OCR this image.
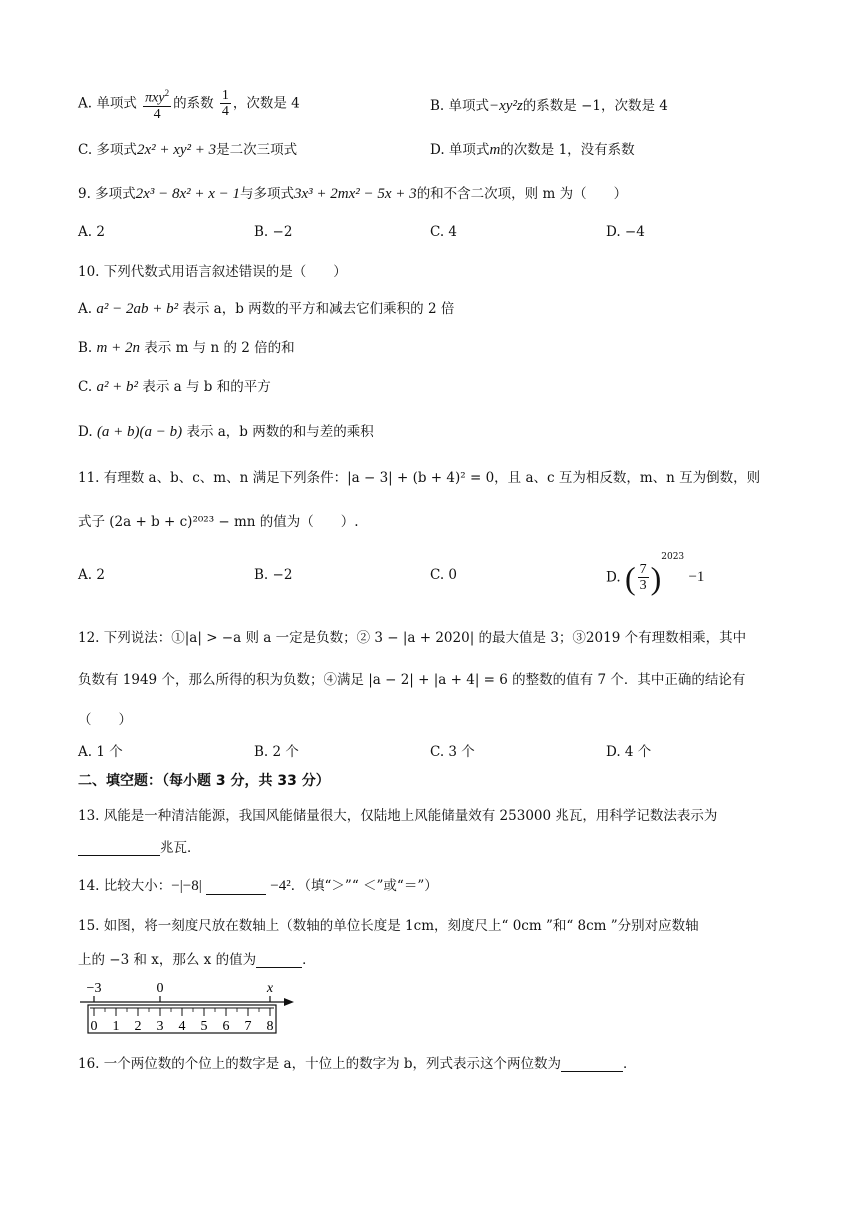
A. 单项式 $\frac{\pi xy^2}{4}$ 的系数 $\frac{1}{4}$ ，次数是 4	B. 单项式−xy²z的系数是 −1，次数是 4
C. 多项式2x² + xy² + 3是二次三项式	D. 单项式m的次数是 1，没有系数
9. 多项式2x³ − 8x² + x − 1与多项式3x³ + 2mx² − 5x + 3的和不含二次项，则 m 为（　　）
A. 2	B. −2	C. 4	D. −4
10. 下列代数式用语言叙述错误的是（　　）
A. a² − 2ab + b² 表示 a，b 两数的平方和减去它们乘积的 2 倍
B. m + 2n 表示 m 与 n 的 2 倍的和
C. a² + b² 表示 a 与 b 和的平方
D. (a + b)(a − b) 表示 a，b 两数的和与差的乘积
11. 有理数 a、b、c、m、n 满足下列条件：|a − 3| + (b + 4)² = 0，且 a、c 互为相反数，m、n 互为倒数，则
式子 (2a + b + c)²⁰²³ − mn 的值为（　　）.
A. 2	B. −2	C. 0	D. ( $\frac{7}{3} )^{2023} -1$
12. 下列说法：①|a| > −a 则 a 一定是负数；② 3 − |a + 2020| 的最大值是 3；③2019 个有理数相乘，其中
负数有 1949 个，那么所得的积为负数；④满足 |a − 2| + |a + 4| = 6 的整数的值有 7 个．其中正确的结论有
（　　）
A. 1 个	B. 2 个	C. 3 个	D. 4 个
二、填空题：（每小题 3 分，共 33 分）
13. 风能是一种清洁能源，我国风能储量很大，仅陆地上风能储量效有 253000 兆瓦，用科学记数法表示为
兆瓦．
14. 比较大小：−|−8|	−4²．（填“＞”“ ＜”或“＝”）
15. 如图，将一刻度尺放在数轴上（数轴的单位长度是 1cm，刻度尺上“ 0cm ”和“ 8cm ”分别对应数轴
上的 −3 和 x，那么 x 的值为	．
−3	0	x
0 1 2 3 4 5 6 7 8
16. 一个两位数的个位上的数字是 a，十位上的数字为 b，列式表示这个两位数为	．
